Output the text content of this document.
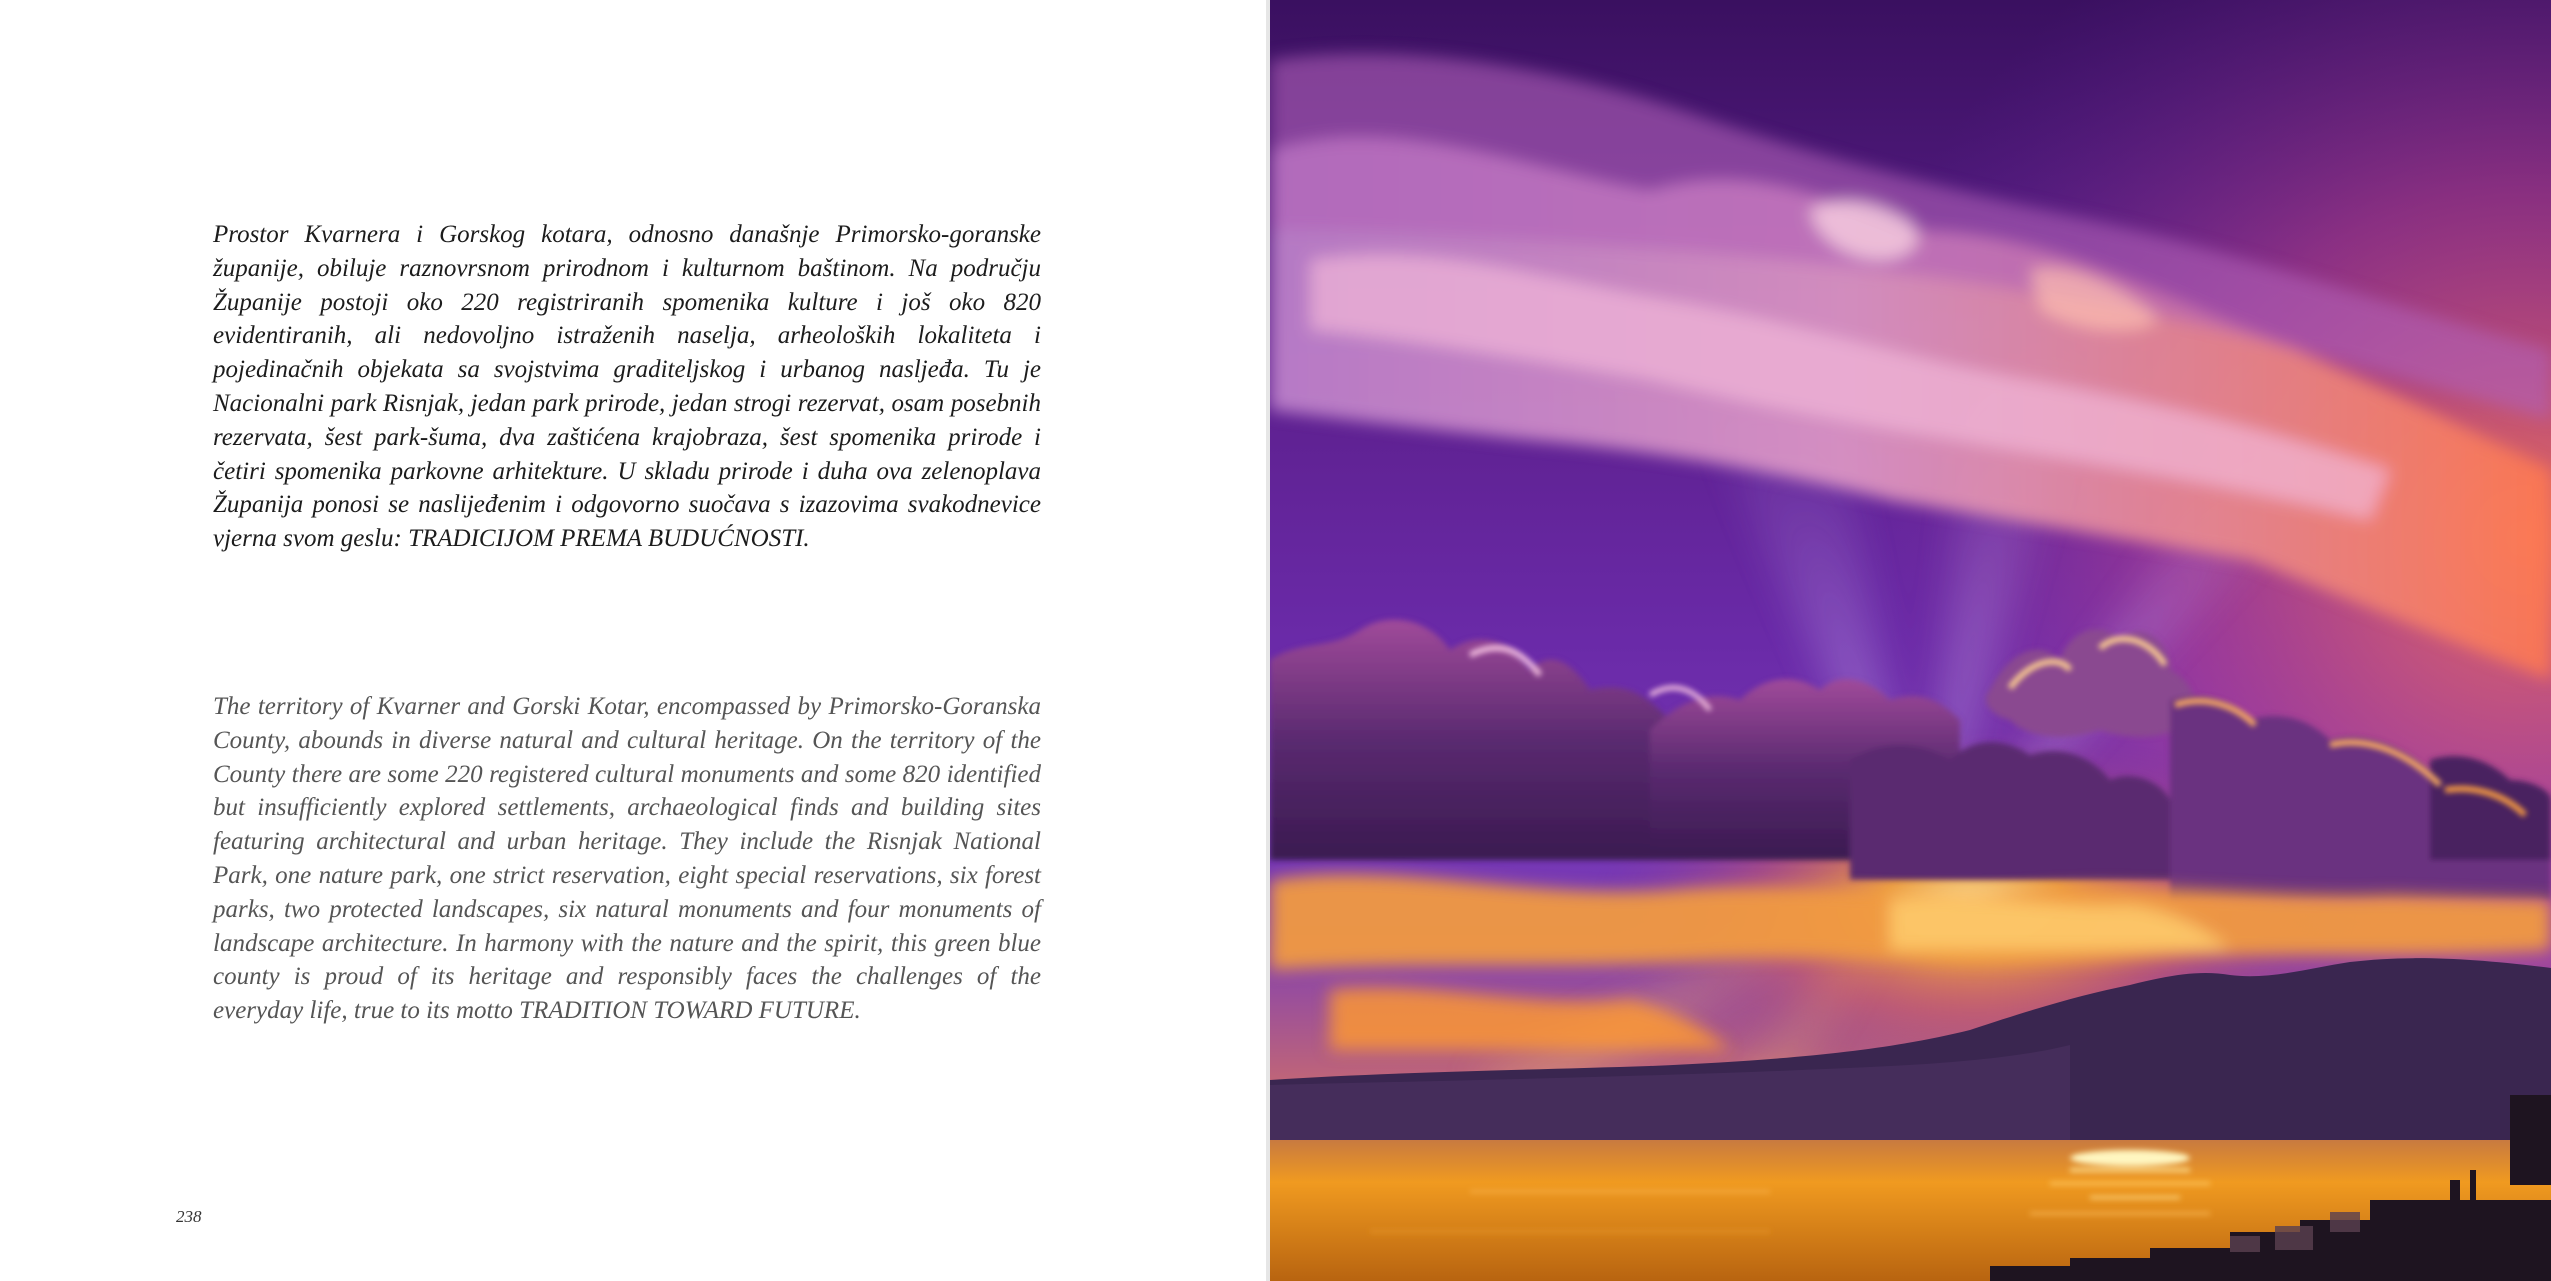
Prostor Kvarnera i Gorskog kotara, odnosno današnje Primorsko-goranske županije, obiluje raznovrsnom prirodnom i kulturnom baštinom. Na području Županije postoji oko 220 registriranih spomenika kulture i još oko 820 evidentiranih, ali nedovoljno istraženih naselja, arheoloških lokaliteta i pojedinačnih objekata sa svojstvima graditeljskog i urbanog nasljeđa. Tu je Nacionalni park Risnjak, jedan park prirode, jedan strogi rezervat, osam posebnih rezervata, šest park-šuma, dva zaštićena krajobraza, šest spomenika prirode i četiri spomenika parkovne arhitekture. U skladu prirode i duha ova zelenoplava Županija ponosi se naslijeđenim i odgovorno suočava s izazovima svakodnevice vjerna svom geslu: TRADICIJOM PREMA BUDUĆNOSTI.

The territory of Kvarner and Gorski Kotar, encompassed by Primorsko-Goranska County, abounds in diverse natural and cultural heritage. On the territory of the County there are some 220 registered cultural monuments and some 820 identified but insufficiently explored settlements, archaeological finds and building sites featuring architectural and urban heritage. They include the Risnjak National Park, one nature park, one strict reservation, eight special reservations, six forest parks, two protected landscapes, six natural monuments and four monuments of landscape architecture. In harmony with the nature and the spirit, this green blue county is proud of its heritage and responsibly faces the challenges of the everyday life, true to its motto TRADITION TOWARD FUTURE.

238
